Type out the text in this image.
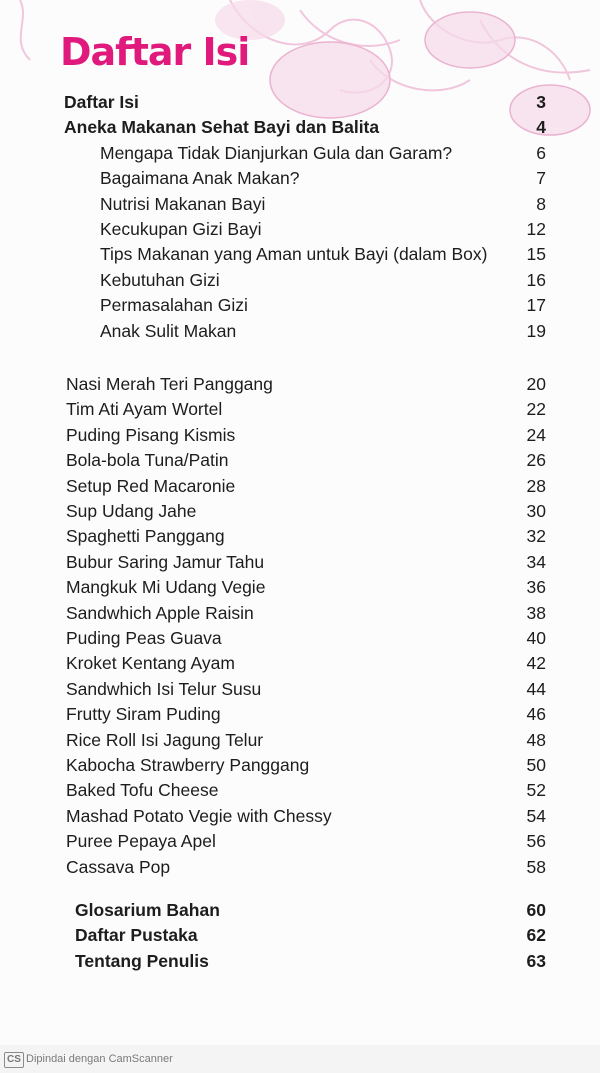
Daftar Isi
Daftar Isi	3
Aneka Makanan Sehat Bayi dan Balita	4
Mengapa Tidak Dianjurkan Gula dan Garam?	6
Bagaimana Anak Makan?	7
Nutrisi Makanan Bayi	8
Kecukupan Gizi Bayi	12
Tips Makanan yang Aman untuk Bayi (dalam Box) 15
Kebutuhan Gizi	16
Permasalahan Gizi	17
Anak Sulit Makan	19
Nasi Merah Teri Panggang	20
Tim Ati Ayam Wortel	22
Puding Pisang Kismis	24
Bola-bola Tuna/Patin	26
Setup Red Macaronie	28
Sup Udang Jahe	30
Spaghetti Panggang	32
Bubur Saring Jamur Tahu	34
Mangkuk Mi Udang Vegie	36
Sandwhich Apple Raisin	38
Puding Peas Guava	40
Kroket Kentang Ayam	42
Sandwhich Isi Telur Susu	44
Frutty Siram Puding	46
Rice Roll Isi Jagung Telur	48
Kabocha Strawberry Panggang	50
Baked Tofu Cheese	52
Mashad Potato Vegie with Chessy	54
Puree Pepaya Apel	56
Cassava Pop	58
Glosarium Bahan	60
Daftar Pustaka	62
Tentang Penulis	63
CS Dipindai dengan CamScanner
